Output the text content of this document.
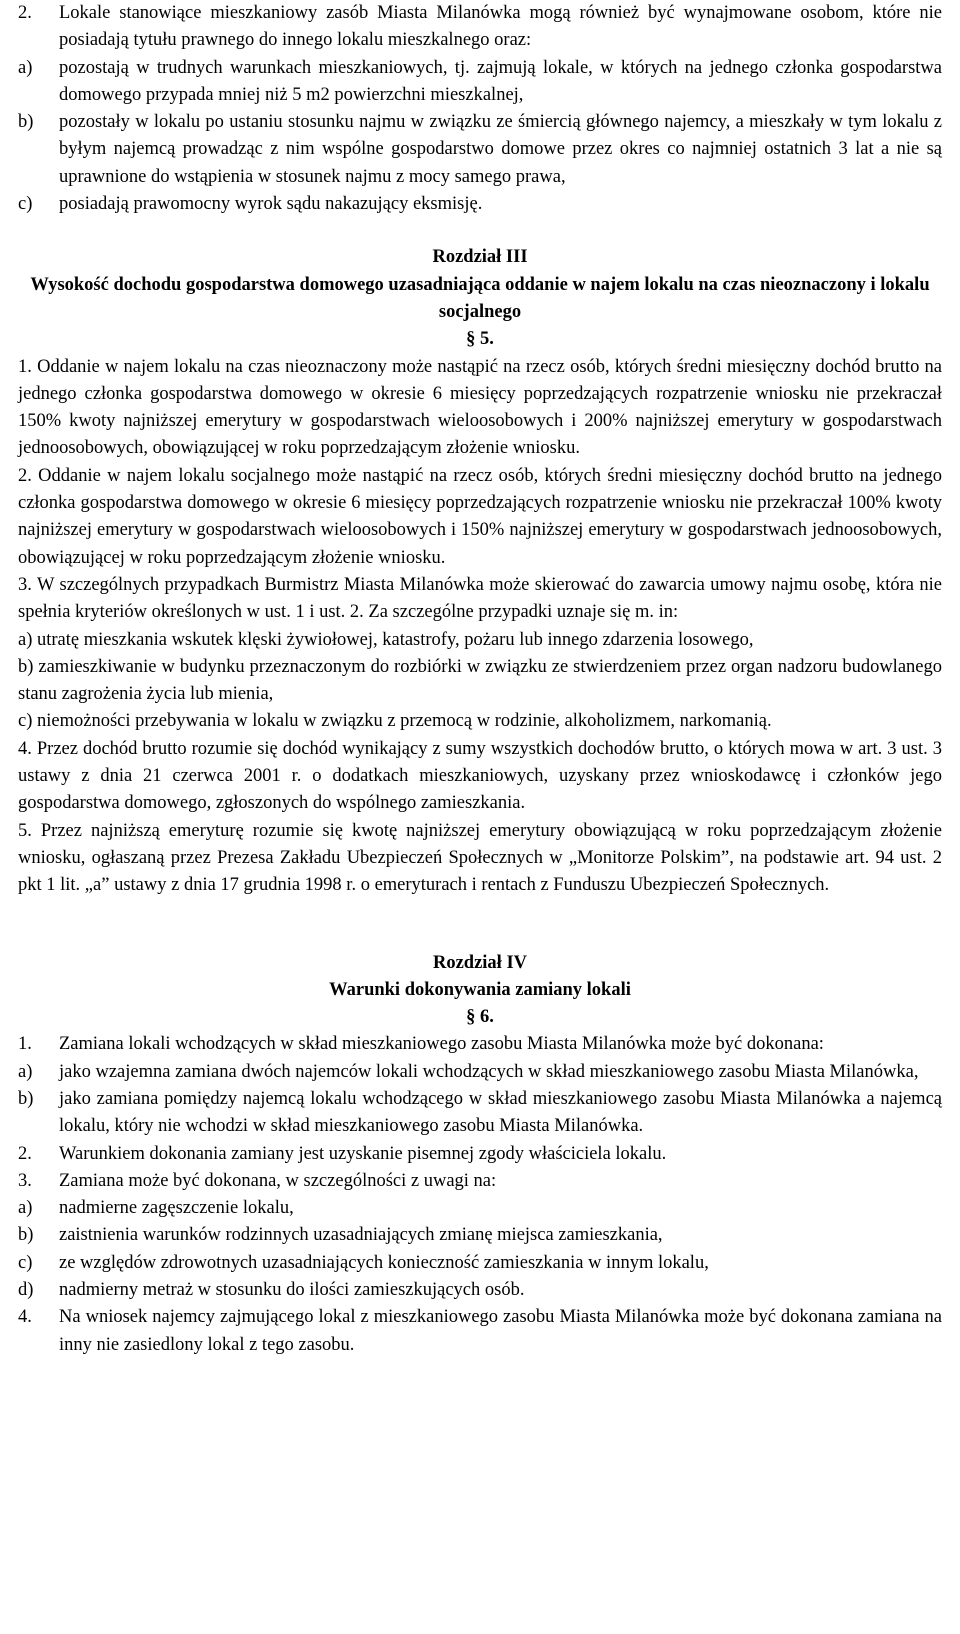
2. Lokale stanowiące mieszkaniowy zasób Miasta Milanówka mogą również być wynajmowane osobom, które nie posiadają tytułu prawnego do innego lokalu mieszkalnego oraz:
a) pozostają w trudnych warunkach mieszkaniowych, tj. zajmują lokale, w których na jednego członka gospodarstwa domowego przypada mniej niż 5 m2 powierzchni mieszkalnej,
b) pozostały w lokalu po ustaniu stosunku najmu w związku ze śmiercią głównego najemcy, a mieszkały w tym lokalu z byłym najemcą prowadząc z nim wspólne gospodarstwo domowe przez okres co najmniej ostatnich 3 lat a nie są uprawnione do wstąpienia w stosunek najmu z mocy samego prawa,
c) posiadają prawomocny wyrok sądu nakazujący eksmisję.
Rozdział III
Wysokość dochodu gospodarstwa domowego uzasadniająca oddanie w najem lokalu na czas nieoznaczony i lokalu socjalnego
§ 5.
1. Oddanie w najem lokalu na czas nieoznaczony może nastąpić na rzecz osób, których średni miesięczny dochód brutto na jednego członka gospodarstwa domowego w okresie 6 miesięcy poprzedzających rozpatrzenie wniosku nie przekraczał 150% kwoty najniższej emerytury w gospodarstwach wieloosobowych i 200% najniższej emerytury w gospodarstwach jednoosobowych, obowiązującej w roku poprzedzającym złożenie wniosku.
2. Oddanie w najem lokalu socjalnego może nastąpić na rzecz osób, których średni miesięczny dochód brutto na jednego członka gospodarstwa domowego w okresie 6 miesięcy poprzedzających rozpatrzenie wniosku nie przekraczał 100% kwoty najniższej emerytury w gospodarstwach wieloosobowych i 150% najniższej emerytury w gospodarstwach jednoosobowych, obowiązującej w roku poprzedzającym złożenie wniosku.
3. W szczególnych przypadkach Burmistrz Miasta Milanówka może skierować do zawarcia umowy najmu osobę, która nie spełnia kryteriów określonych w ust. 1 i ust. 2. Za szczególne przypadki uznaje się m. in:
a) utratę mieszkania wskutek klęski żywiołowej, katastrofy, pożaru lub innego zdarzenia losowego,
b) zamieszkiwanie w budynku przeznaczonym do rozbiórki w związku ze stwierdzeniem przez organ nadzoru budowlanego stanu zagrożenia życia lub mienia,
c) niemożności przebywania w lokalu w związku z przemocą w rodzinie, alkoholizmem, narkomanią.
4. Przez dochód brutto rozumie się dochód wynikający z sumy wszystkich dochodów brutto, o których mowa w art. 3 ust. 3 ustawy z dnia 21 czerwca 2001 r. o dodatkach mieszkaniowych, uzyskany przez wnioskodawcę i członków jego gospodarstwa domowego, zgłoszonych do wspólnego zamieszkania.
5. Przez najniższą emeryturę rozumie się kwotę najniższej emerytury obowiązującą w roku poprzedzającym złożenie wniosku, ogłaszaną przez Prezesa Zakładu Ubezpieczeń Społecznych w „Monitorze Polskim”, na podstawie art. 94 ust. 2 pkt 1 lit. „a” ustawy z dnia 17 grudnia 1998 r. o emeryturach i rentach z Funduszu Ubezpieczeń Społecznych.
Rozdział IV
Warunki dokonywania zamiany lokali
§ 6.
1. Zamiana lokali wchodzących w skład mieszkaniowego zasobu Miasta Milanówka może być dokonana:
a) jako wzajemna zamiana dwóch najemców lokali wchodzących w skład mieszkaniowego zasobu Miasta Milanówka,
b) jako zamiana pomiędzy najemcą lokalu wchodzącego w skład mieszkaniowego zasobu Miasta Milanówka a najemcą lokalu, który nie wchodzi w skład mieszkaniowego zasobu Miasta Milanówka.
2. Warunkiem dokonania zamiany jest uzyskanie pisemnej zgody właściciela lokalu.
3. Zamiana może być dokonana, w szczególności z uwagi na:
a) nadmierne zagęszczenie lokalu,
b) zaistnienia warunków rodzinnych uzasadniających zmianę miejsca zamieszkania,
c) ze względów zdrowotnych uzasadniających konieczność zamieszkania w innym lokalu,
d) nadmierny metraż w stosunku do ilości zamieszkujących osób.
4. Na wniosek najemcy zajmującego lokal z mieszkaniowego zasobu Miasta Milanówka może być dokonana zamiana na inny nie zasiedlony lokal z tego zasobu.
